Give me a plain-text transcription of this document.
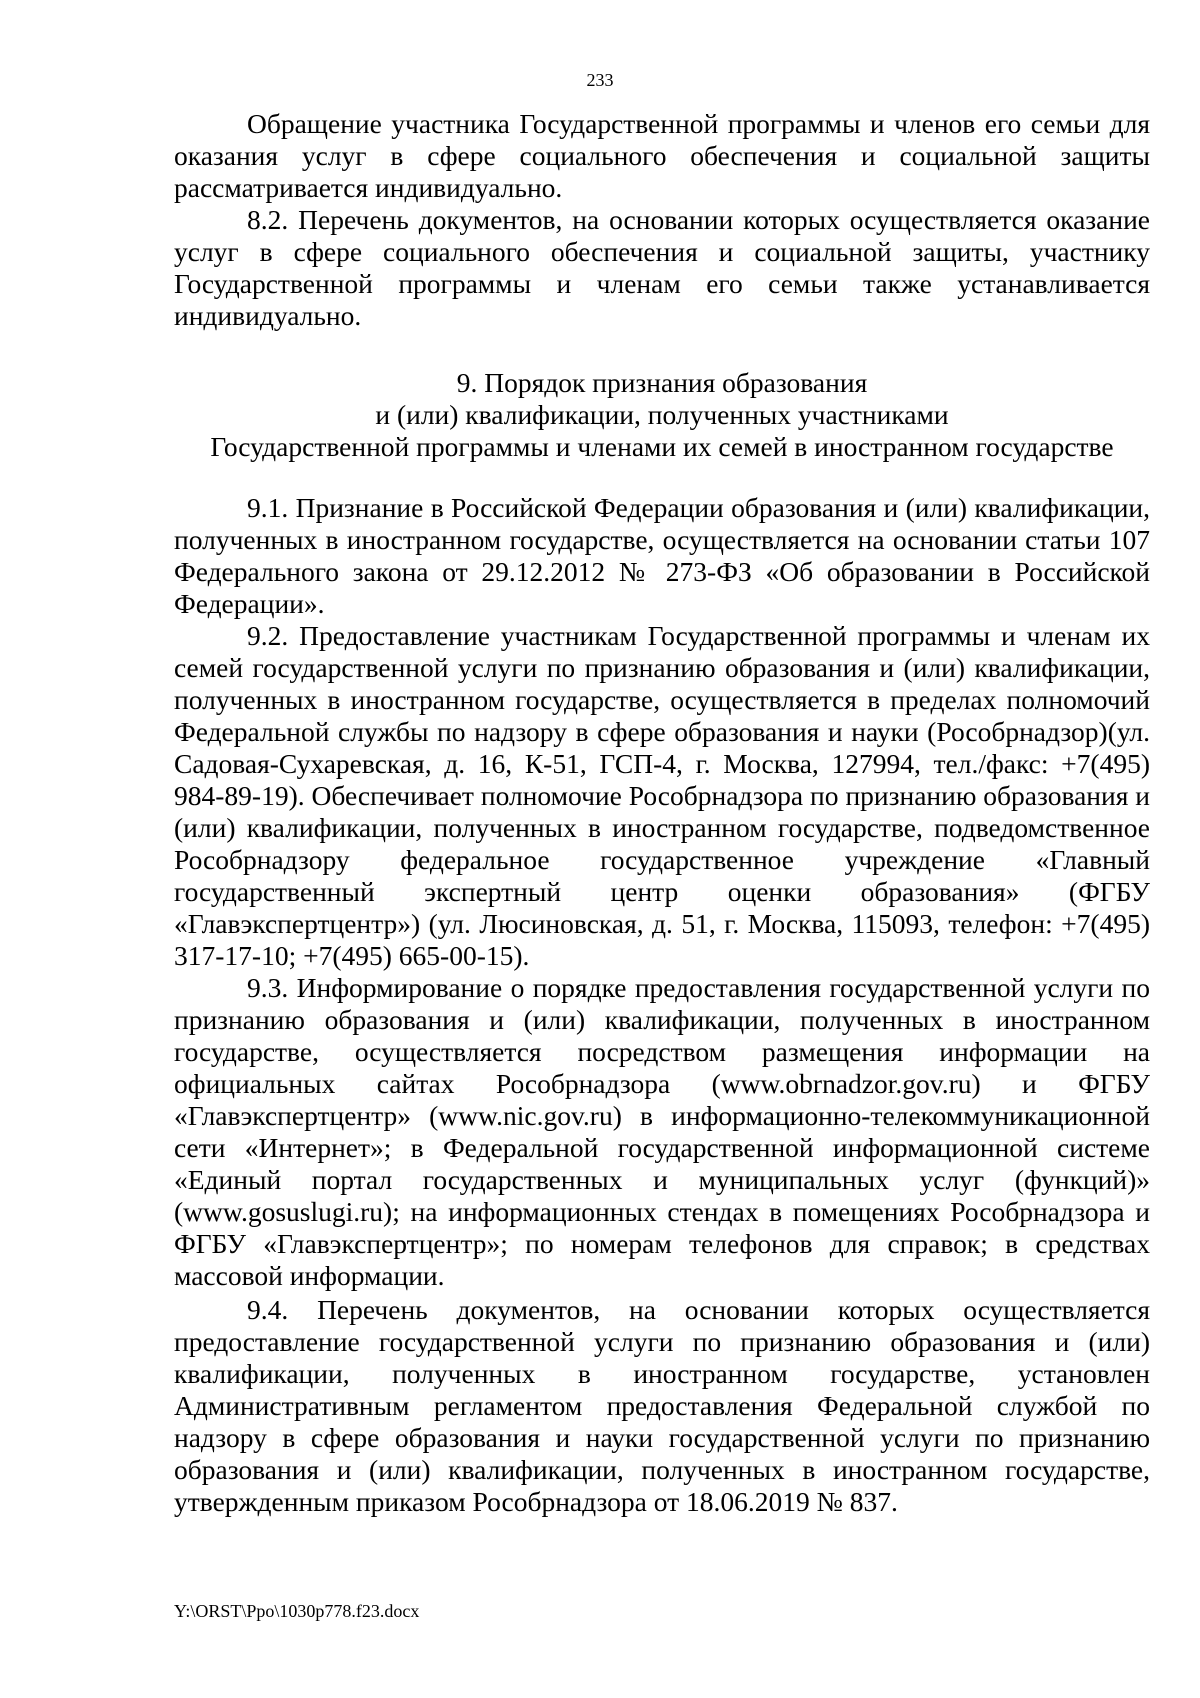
233

Обращение участника Государственной программы и членов его семьи для оказания услуг в сфере социального обеспечения и социальной защиты рассматривается индивидуально.

8.2. Перечень документов, на основании которых осуществляется оказание услуг в сфере социального обеспечения и социальной защиты, участнику Государственной программы и членам его семьи также устанавливается индивидуально.

9. Порядок признания образования
и (или) квалификации, полученных участниками
Государственной программы и членами их семей в иностранном государстве

9.1. Признание в Российской Федерации образования и (или) квалификации, полученных в иностранном государстве, осуществляется на основании статьи 107 Федерального закона от 29.12.2012 № 273-ФЗ «Об образовании в Российской Федерации».

9.2. Предоставление участникам Государственной программы и членам их семей государственной услуги по признанию образования и (или) квалификации, полученных в иностранном государстве, осуществляется в пределах полномочий Федеральной службы по надзору в сфере образования и науки (Рособрнадзор)(ул. Садовая-Сухаревская, д. 16, К-51, ГСП-4, г. Москва, 127994, тел./факс: +7(495) 984-89-19). Обеспечивает полномочие Рособрнадзора по признанию образования и (или) квалификации, полученных в иностранном государстве, подведомственное Рособрнадзору федеральное государственное учреждение «Главный государственный экспертный центр оценки образования» (ФГБУ «Главэкспертцентр») (ул. Люсиновская, д. 51, г. Москва, 115093, телефон: +7(495) 317-17-10; +7(495) 665-00-15).

9.3. Информирование о порядке предоставления государственной услуги по признанию образования и (или) квалификации, полученных в иностранном государстве, осуществляется посредством размещения информации на официальных сайтах Рособрнадзора (www.obrnadzor.gov.ru) и ФГБУ «Главэкспертцентр» (www.nic.gov.ru) в информационно-телекоммуникационной сети «Интернет»; в Федеральной государственной информационной системе «Единый портал государственных и муниципальных услуг (функций)» (www.gosuslugi.ru); на информационных стендах в помещениях Рособрнадзора и ФГБУ «Главэкспертцентр»; по номерам телефонов для справок; в средствах массовой информации.

9.4. Перечень документов, на основании которых осуществляется предоставление государственной услуги по признанию образования и (или) квалификации, полученных в иностранном государстве, установлен Административным регламентом предоставления Федеральной службой по надзору в сфере образования и науки государственной услуги по признанию образования и (или) квалификации, полученных в иностранном государстве, утвержденным приказом Рособрнадзора от 18.06.2019 № 837.

Y:\ORST\Ppo\1030p778.f23.docx
